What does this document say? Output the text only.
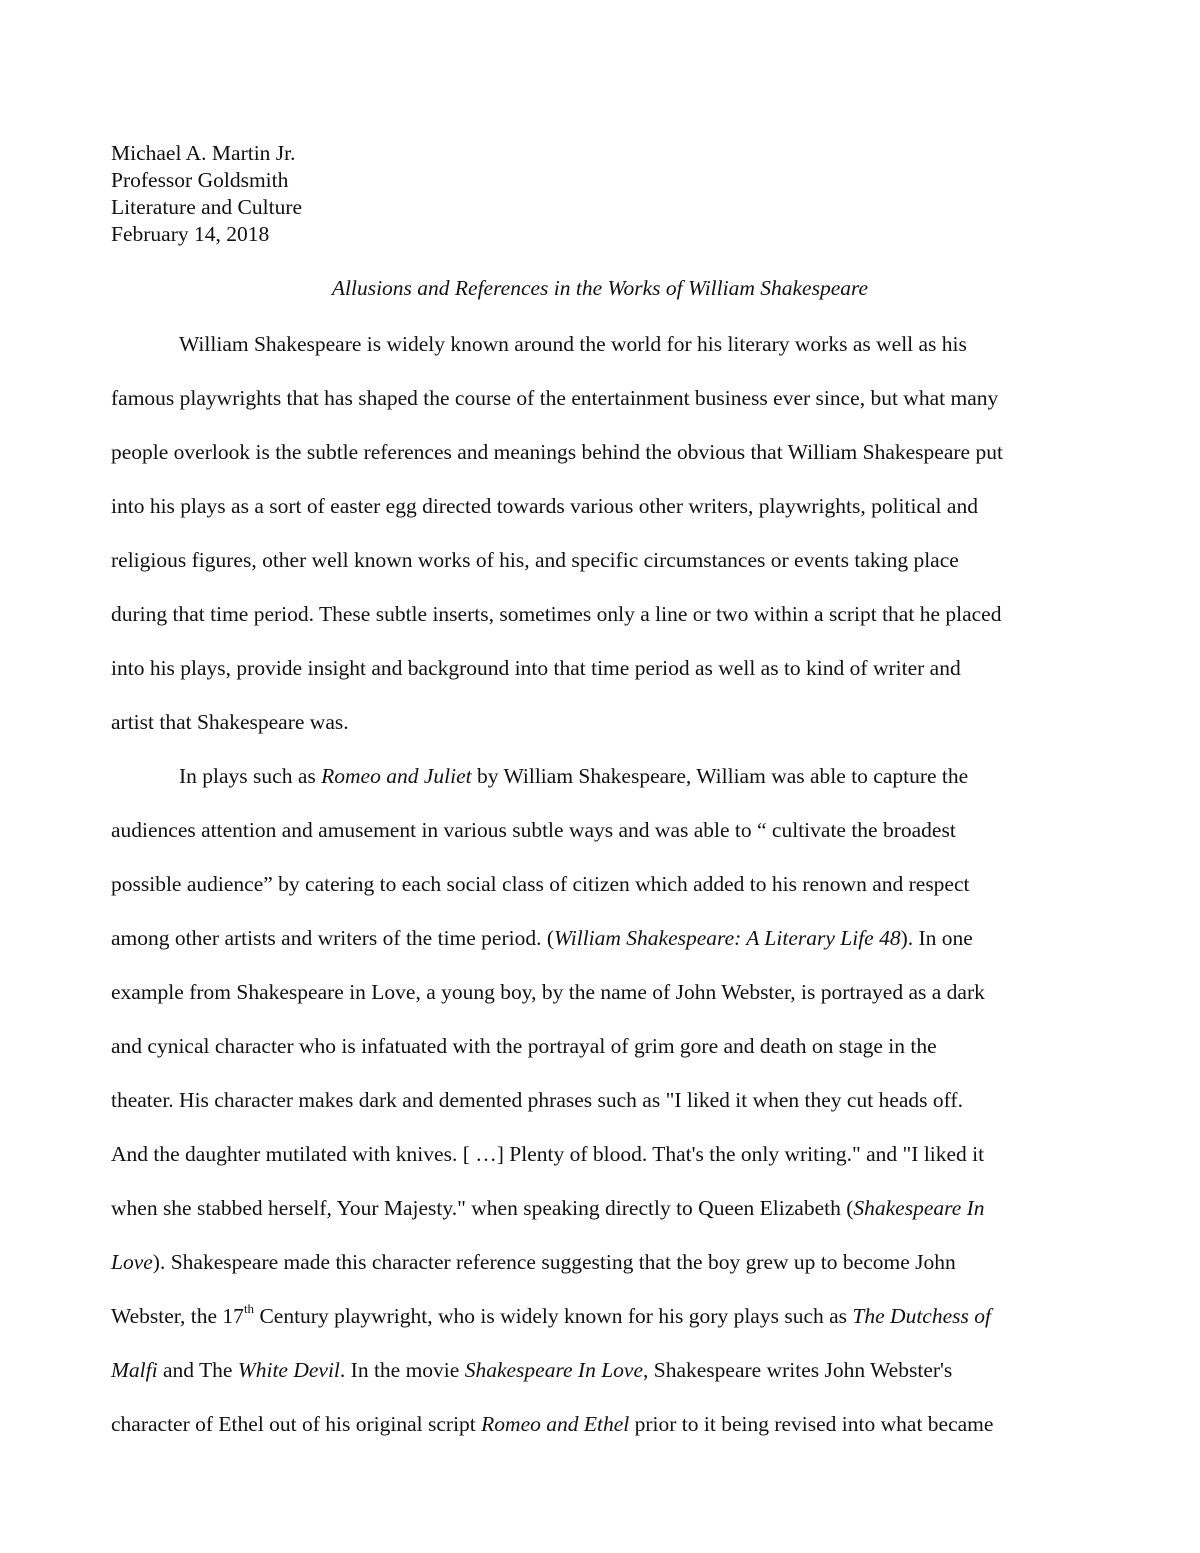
Michael A. Martin Jr.
Professor Goldsmith
Literature and Culture
February 14, 2018
Allusions and References in the Works of William Shakespeare
William Shakespeare is widely known around the world for his literary works as well as his
famous playwrights that has shaped the course of the entertainment business ever since, but what many
people overlook is the subtle references and meanings behind the obvious that William Shakespeare put
into his plays as a sort of easter egg directed towards various other writers, playwrights, political and
religious figures, other well known works of his, and specific circumstances or events taking place
during that time period. These subtle inserts, sometimes only a line or two within a script that he placed
into his plays, provide insight and background into that time period as well as to kind of writer and
artist that Shakespeare was.
In plays such as Romeo and Juliet by William Shakespeare, William was able to capture the
audiences attention and amusement in various subtle ways and was able to “ cultivate the broadest
possible audience” by catering to each social class of citizen which added to his renown and respect
among other artists and writers of the time period. (William Shakespeare: A Literary Life 48). In one
example from Shakespeare in Love, a young boy, by the name of John Webster, is portrayed as a dark
and cynical character who is infatuated with the portrayal of grim gore and death on stage in the
theater. His character makes dark and demented phrases such as "I liked it when they cut heads off.
And the daughter mutilated with knives. [ …] Plenty of blood. That's the only writing." and "I liked it
when she stabbed herself, Your Majesty." when speaking directly to Queen Elizabeth (Shakespeare In
Love). Shakespeare made this character reference suggesting that the boy grew up to become John
Webster, the 17th Century playwright, who is widely known for his gory plays such as The Dutchess of
Malfi and The White Devil. In the movie Shakespeare In Love, Shakespeare writes John Webster's
character of Ethel out of his original script Romeo and Ethel prior to it being revised into what became
